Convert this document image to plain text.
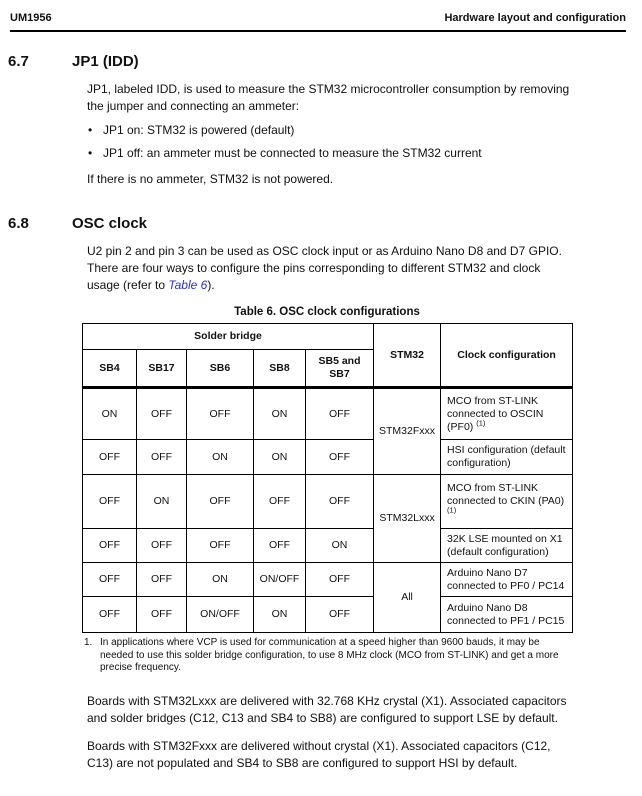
UM1956	Hardware layout and configuration
6.7	JP1 (IDD)

JP1, labeled IDD, is used to measure the STM32 microcontroller consumption by removing the jumper and connecting an ammeter:

• JP1 on: STM32 is powered (default)
• JP1 off: an ammeter must be connected to measure the STM32 current

If there is no ammeter, STM32 is not powered.

6.8	OSC clock

U2 pin 2 and pin 3 can be used as OSC clock input or as Arduino Nano D8 and D7 GPIO. There are four ways to configure the pins corresponding to different STM32 and clock usage (refer to Table 6).

Table 6. OSC clock configurations
Solder bridge					STM32	Clock configuration
SB4	SB17	SB6	SB8	SB5 and SB7		
ON	OFF	OFF	ON	OFF	STM32Fxxx	MCO from ST-LINK connected to OSCIN (PF0) $^{(1)}$
OFF	OFF	ON	ON	OFF		HSI configuration (default configuration)
OFF	ON	OFF	OFF	OFF	STM32Lxxx	MCO from ST-LINK connected to CKIN (PA0)$^{(1)}$
OFF	OFF	OFF	OFF	ON		32K LSE mounted on X1 (default configuration)
OFF	OFF	ON	ON/OFF	OFF	All	Arduino Nano D7 connected to PF0 / PC14
OFF	OFF	ON/OFF	ON	OFF		Arduino Nano D8 connected to PF1 / PC15
1. In applications where VCP is used for communication at a speed higher than 9600 bauds, it may be needed to use this solder bridge configuration, to use 8 MHz clock (MCO from ST-LINK) and get a more precise frequency.

Boards with STM32Lxxx are delivered with 32.768 KHz crystal (X1). Associated capacitors and solder bridges (C12, C13 and SB4 to SB8) are configured to support LSE by default.

Boards with STM32Fxxx are delivered without crystal (X1). Associated capacitors (C12, C13) are not populated and SB4 to SB8 are configured to support HSI by default.
